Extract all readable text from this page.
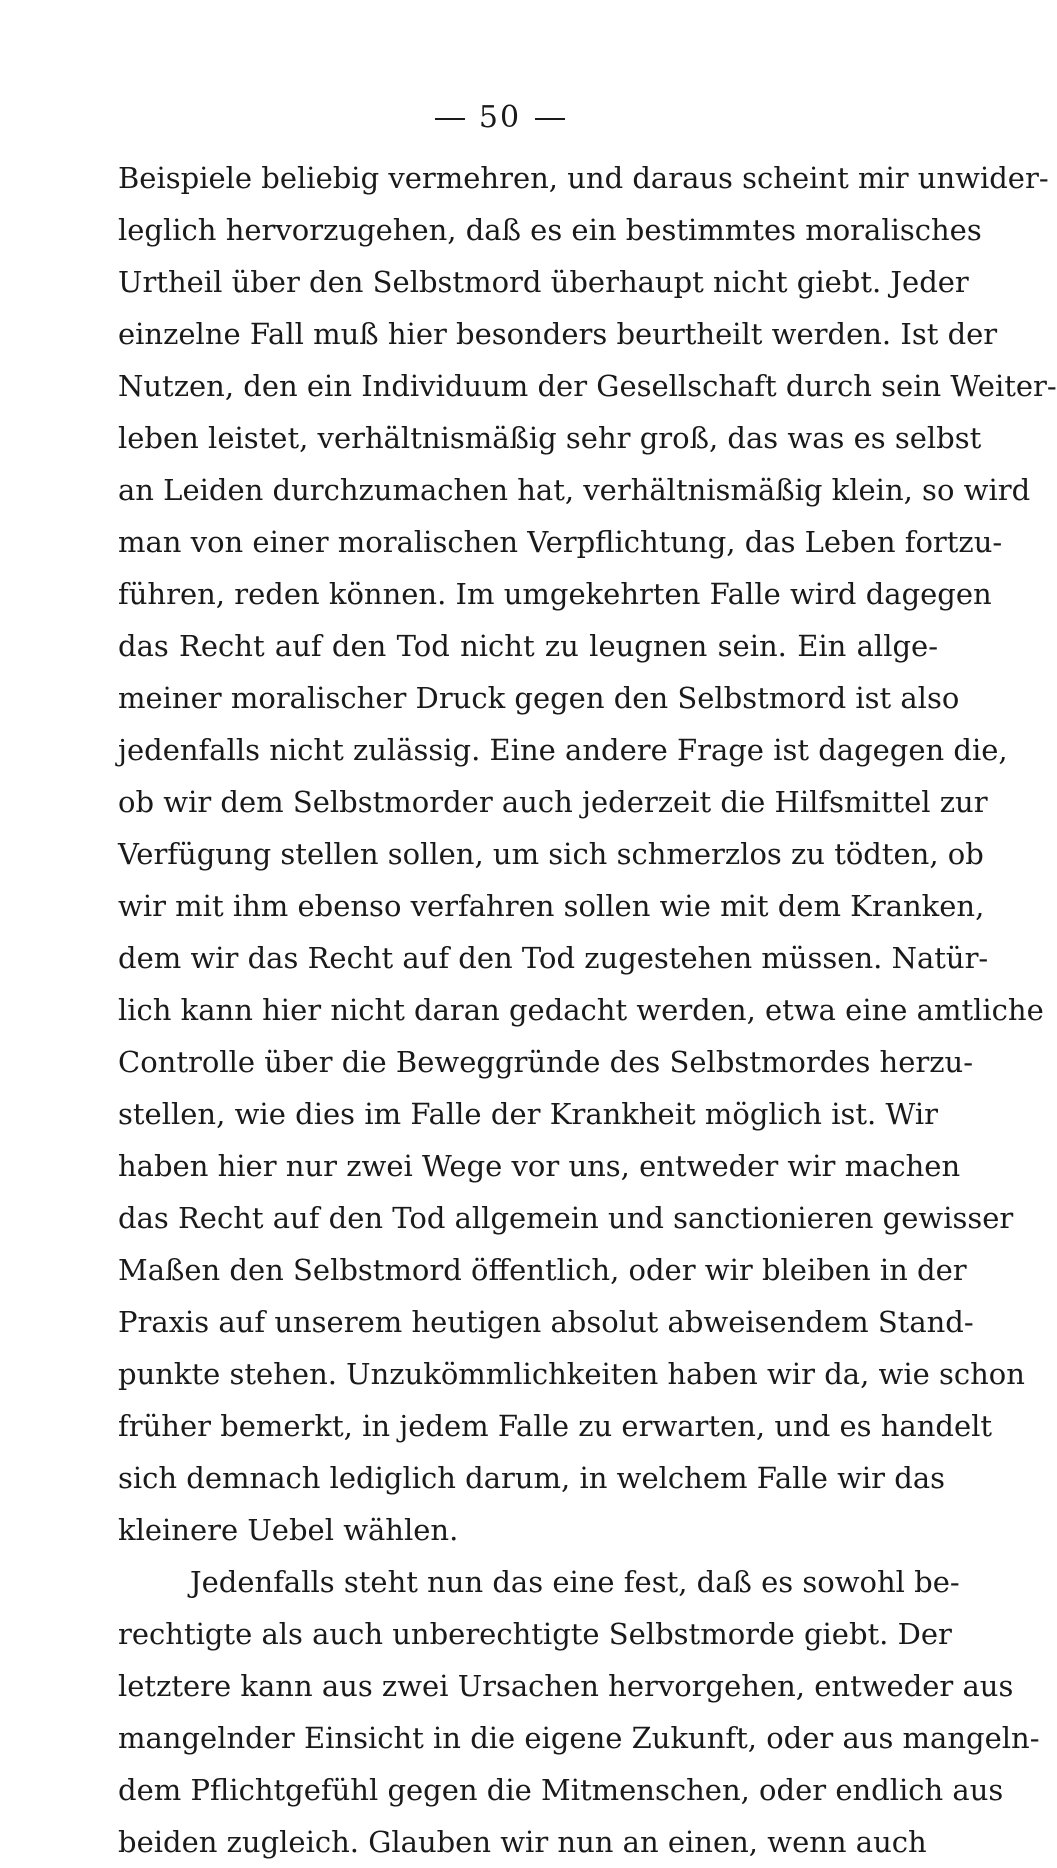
50
Beispiele beliebig vermehren, und daraus scheint mir unwider-
leglich hervorzugehen, daß es ein bestimmtes moralisches
Urtheil über den Selbstmord überhaupt nicht giebt. Jeder
einzelne Fall muß hier besonders beurtheilt werden. Ist der
Nutzen, den ein Individuum der Gesellschaft durch sein Weiter-
leben leistet, verhältnismäßig sehr groß, das was es selbst
an Leiden durchzumachen hat, verhältnismäßig klein, so wird
man von einer moralischen Verpflichtung, das Leben fortzu-
führen, reden können. Im umgekehrten Falle wird dagegen
das Recht auf den Tod nicht zu leugnen sein. Ein allge-
meiner moralischer Druck gegen den Selbstmord ist also
jedenfalls nicht zulässig. Eine andere Frage ist dagegen die,
ob wir dem Selbstmorder auch jederzeit die Hilfsmittel zur
Verfügung stellen sollen, um sich schmerzlos zu tödten, ob
wir mit ihm ebenso verfahren sollen wie mit dem Kranken,
dem wir das Recht auf den Tod zugestehen müssen. Natür-
lich kann hier nicht daran gedacht werden, etwa eine amtliche
Controlle über die Beweggründe des Selbstmordes herzu-
stellen, wie dies im Falle der Krankheit möglich ist. Wir
haben hier nur zwei Wege vor uns, entweder wir machen
das Recht auf den Tod allgemein und sanctionieren gewisser
Maßen den Selbstmord öffentlich, oder wir bleiben in der
Praxis auf unserem heutigen absolut abweisendem Stand-
punkte stehen. Unzukömmlichkeiten haben wir da, wie schon
früher bemerkt, in jedem Falle zu erwarten, und es handelt
sich demnach lediglich darum, in welchem Falle wir das
kleinere Uebel wählen.
Jedenfalls steht nun das eine fest, daß es sowohl be-
rechtigte als auch unberechtigte Selbstmorde giebt. Der
letztere kann aus zwei Ursachen hervorgehen, entweder aus
mangelnder Einsicht in die eigene Zukunft, oder aus mangeln-
dem Pflichtgefühl gegen die Mitmenschen, oder endlich aus
beiden zugleich. Glauben wir nun an einen, wenn auch
